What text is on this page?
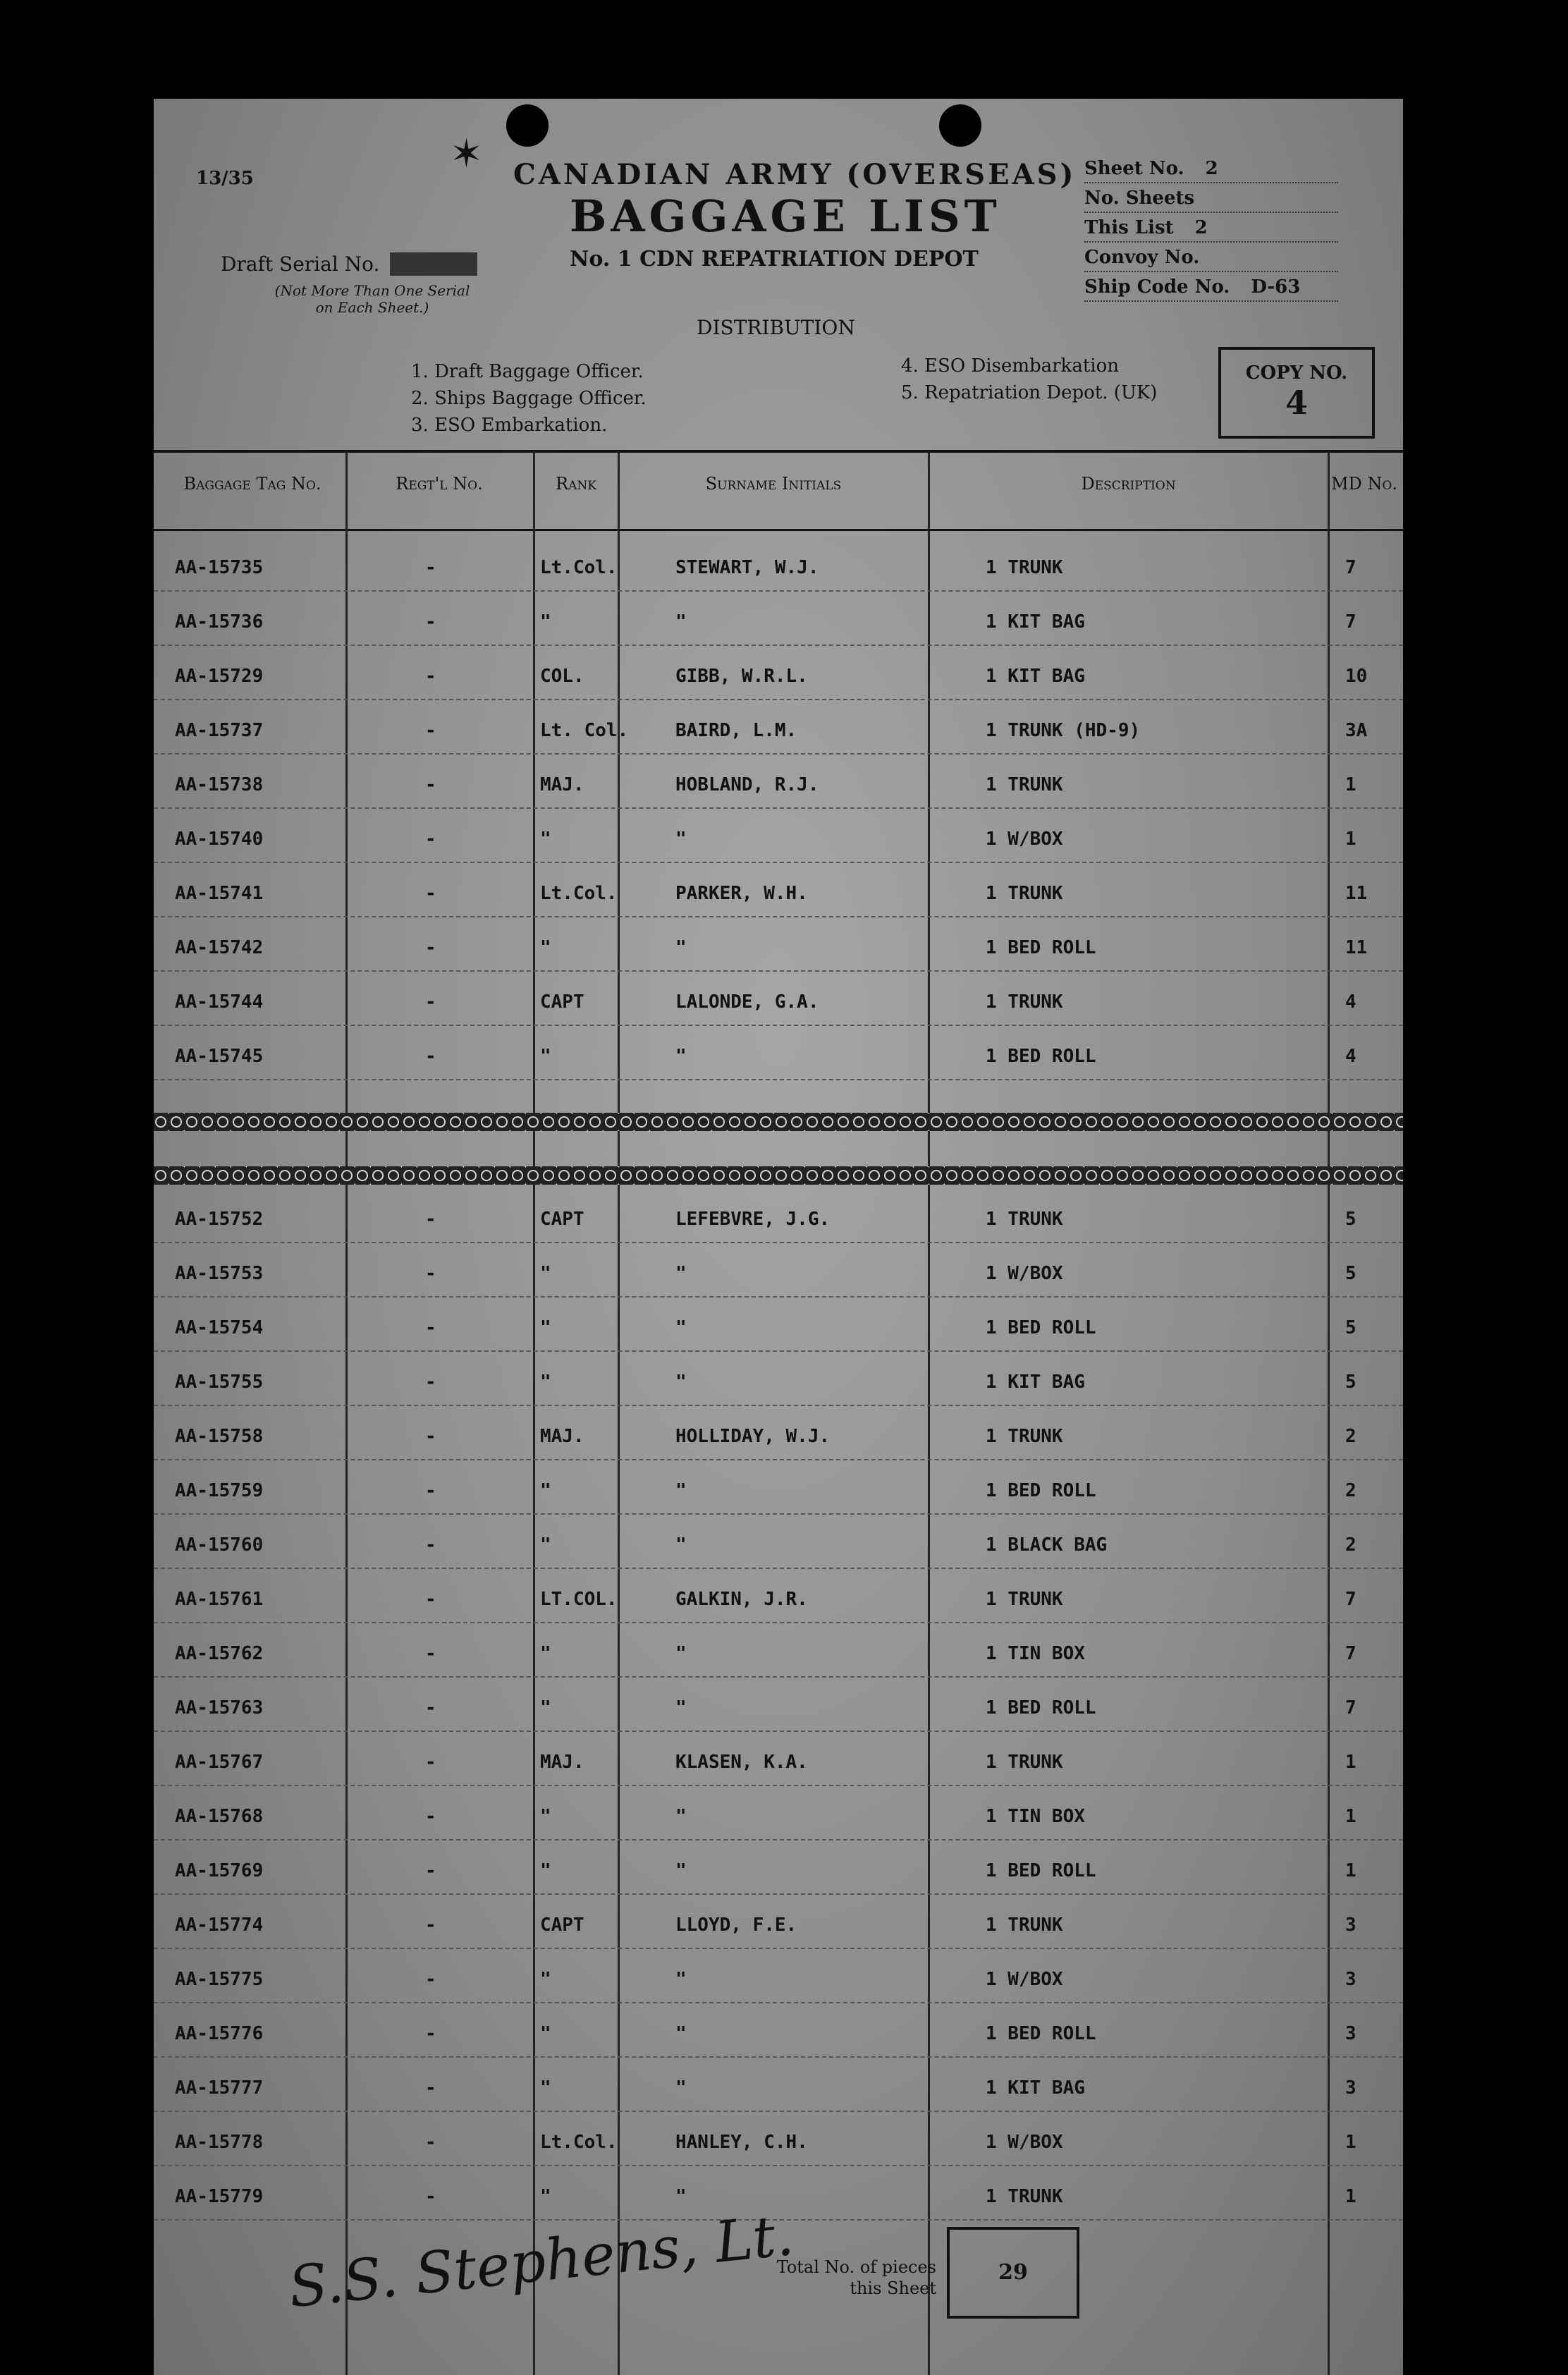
13/35
✶ CANADIAN ARMY (OVERSEAS)
BAGGAGE LIST
No. 1 CDN REPATRIATION DEPOT
Draft Serial No. █████
(Not More Than One Serial on Each Sheet.)
Sheet No. 2
No. Sheets
This List 2
Convoy No.
Ship Code No. D-63
DISTRIBUTION
1. Draft Baggage Officer.
2. Ships Baggage Officer.
3. ESO Embarkation.
4. ESO Disembarkation
5. Repatriation Depot. (UK)
COPY NO.
4
Baggage Tag No.	Regt'l No.	Rank	Surname Initials	Description	MD No.
AA-15735	-	Lt.Col.	STEWART, W.J.	1 TRUNK	7
AA-15736	-	"	"	1 KIT BAG	7
AA-15729	-	COL.	GIBB, W.R.L.	1 KIT BAG	10
AA-15737	-	Lt. Col.	BAIRD, L.M.	1 TRUNK (HD-9)	3A
AA-15738	-	MAJ.	HOBLAND, R.J.	1 TRUNK	1
AA-15740	-	"	"	1 W/BOX	1
AA-15741	-	Lt.Col.	PARKER, W.H.	1 TRUNK	11
AA-15742	-	"	"	1 BED ROLL	11
AA-15744	-	CAPT	LALONDE, G.A.	1 TRUNK	4
AA-15745	-	"	"	1 BED ROLL	4
AA-15752	-	CAPT	LEFEBVRE, J.G.	1 TRUNK	5
AA-15753	-	"	"	1 W/BOX	5
AA-15754	-	"	"	1 BED ROLL	5
AA-15755	-	"	"	1 KIT BAG	5
AA-15758	-	MAJ.	HOLLIDAY, W.J.	1 TRUNK	2
AA-15759	-	"	"	1 BED ROLL	2
AA-15760	-	"	"	1 BLACK BAG	2
AA-15761	-	LT.COL.	GALKIN, J.R.	1 TRUNK	7
AA-15762	-	"	"	1 TIN BOX	7
AA-15763	-	"	"	1 BED ROLL	7
AA-15767	-	MAJ.	KLASEN, K.A.	1 TRUNK	1
AA-15768	-	"	"	1 TIN BOX	1
AA-15769	-	"	"	1 BED ROLL	1
AA-15774	-	CAPT	LLOYD, F.E.	1 TRUNK	3
AA-15775	-	"	"	1 W/BOX	3
AA-15776	-	"	"	1 BED ROLL	3
AA-15777	-	"	"	1 KIT BAG	3
AA-15778	-	Lt.Col.	HANLEY, C.H.	1 W/BOX	1
AA-15779	-	"	"	1 TRUNK	1
S.S. Stephens, Lt.
Total No. of pieces this Sheet
29
